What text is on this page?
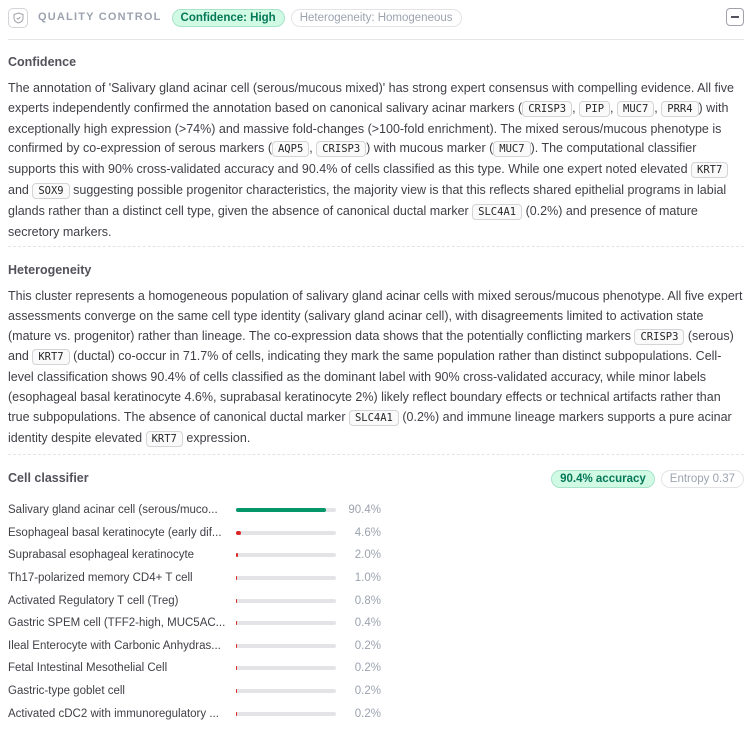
QUALITY CONTROL	Confidence: High	Heterogeneity: Homogeneous
Confidence

The annotation of 'Salivary gland acinar cell (serous/mucous mixed)' has strong expert consensus with compelling evidence. All five experts independently confirmed the annotation based on canonical salivary acinar markers ( CRISP3 , PIP , MUC7 , PRR4 ) with exceptionally high expression (>74%) and massive fold-changes (>100-fold enrichment). The mixed serous/mucous phenotype is confirmed by co-expression of serous markers ( AQP5 , CRISP3 ) with mucous marker ( MUC7 ). The computational classifier supports this with 90% cross-validated accuracy and 90.4% of cells classified as this type. While one expert noted elevated KRT7 and SOX9 suggesting possible progenitor characteristics, the majority view is that this reflects shared epithelial programs in labial glands rather than a distinct cell type, given the absence of canonical ductal marker SLC4A1 (0.2%) and presence of mature secretory markers.

Heterogeneity

This cluster represents a homogeneous population of salivary gland acinar cells with mixed serous/mucous phenotype. All five expert assessments converge on the same cell type identity (salivary gland acinar cell), with disagreements limited to activation state (mature vs. progenitor) rather than lineage. The co-expression data shows that the potentially conflicting markers CRISP3 (serous) and KRT7 (ductal) co-occur in 71.7% of cells, indicating they mark the same population rather than distinct subpopulations. Cell-level classification shows 90.4% of cells classified as the dominant label with 90% cross-validated accuracy, while minor labels (esophageal basal keratinocyte 4.6%, suprabasal keratinocyte 2%) likely reflect boundary effects or technical artifacts rather than true subpopulations. The absence of canonical ductal marker SLC4A1 (0.2%) and immune lineage markers supports a pure acinar identity despite elevated KRT7 expression.

Cell classifier	90.4% accuracy	Entropy 0.37
Salivary gland acinar cell (serous/muco...	90.4%
Esophageal basal keratinocyte (early dif...	4.6%
Suprabasal esophageal keratinocyte	2.0%
Th17-polarized memory CD4+ T cell	1.0%
Activated Regulatory T cell (Treg)	0.8%
Gastric SPEM cell (TFF2-high, MUC5AC...	0.4%
Ileal Enterocyte with Carbonic Anhydras...	0.2%
Fetal Intestinal Mesothelial Cell	0.2%
Gastric-type goblet cell	0.2%
Activated cDC2 with immunoregulatory ...	0.2%
